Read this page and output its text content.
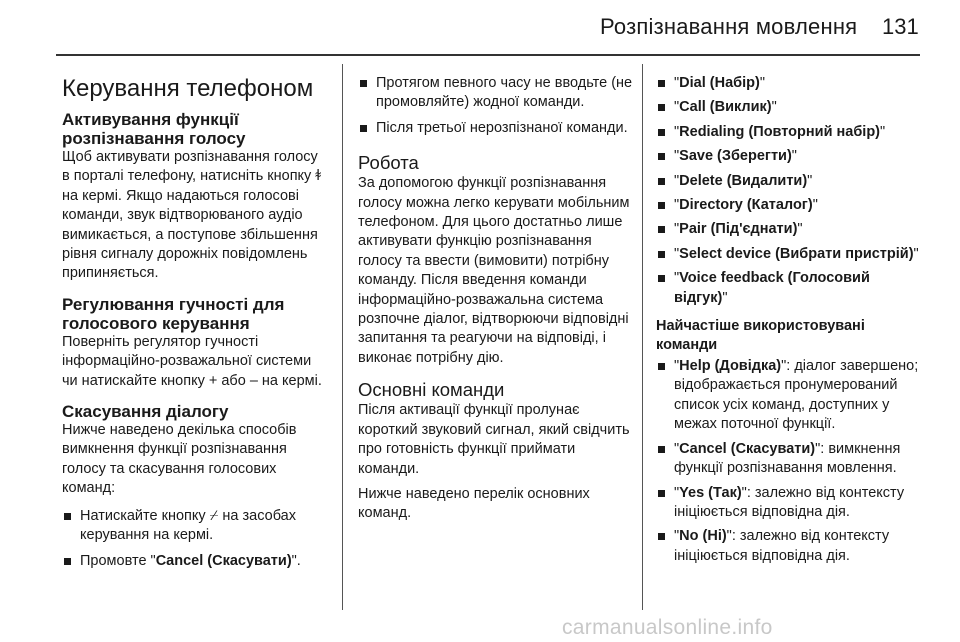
Розпізнавання мовлення 131
Керування телефоном
Активування функції розпізнавання голосу

Щоб активувати розпізнавання голосу в порталі телефону, натисніть кнопку ꬸ на кермі. Якщо надаються голосові команди, звук відтворюваного аудіо вимикається, а поступове збільшення рівня сигналу дорожніх повідомлень припиняється.

Регулювання гучності для голосового керування

Поверніть регулятор гучності інформаційно-розважальної системи чи натискайте кнопку + або – на кермі.

Скасування діалогу

Нижче наведено декілька способів вимкнення функції розпізнавання голосу та скасування голосових команд:

Натискайте кнопку ⌿ на засобах керування на кермі.
Промовте "Cancel (Скасувати)".
Протягом певного часу не вводьте (не промовляйте) жодної команди.
Після третьої нерозпізнаної команди.
Робота

За допомогою функції розпізнавання голосу можна легко керувати мобільним телефоном. Для цього достатньо лише активувати функцію розпізнавання голосу та ввести (вимовити) потрібну команду. Після введення команди інформаційно-розважальна система розпочне діалог, відтворюючи відповідні запитання та реагуючи на відповіді, і виконає потрібну дію.

Основні команди

Після активації функції пролунає короткий звуковий сигнал, який свідчить про готовність функції приймати команди.

Нижче наведено перелік основних команд.

"Dial (Набір)"
"Call (Виклик)"
"Redialing (Повторний набір)"
"Save (Зберегти)"
"Delete (Видалити)"
"Directory (Каталог)"
"Pair (Під'єднати)"
"Select device (Вибрати пристрій)"
"Voice feedback (Голосовий відгук)"
Найчастіше використовувані команди
"Help (Довідка)": діалог завершено; відображається пронумерований список усіх команд, доступних у межах поточної функції.
"Cancel (Скасувати)": вимкнення функції розпізнавання мовлення.
"Yes (Так)": залежно від контексту ініціюється відповідна дія.
"No (Ні)": залежно від контексту ініціюється відповідна дія.
carmanualsonline.info
